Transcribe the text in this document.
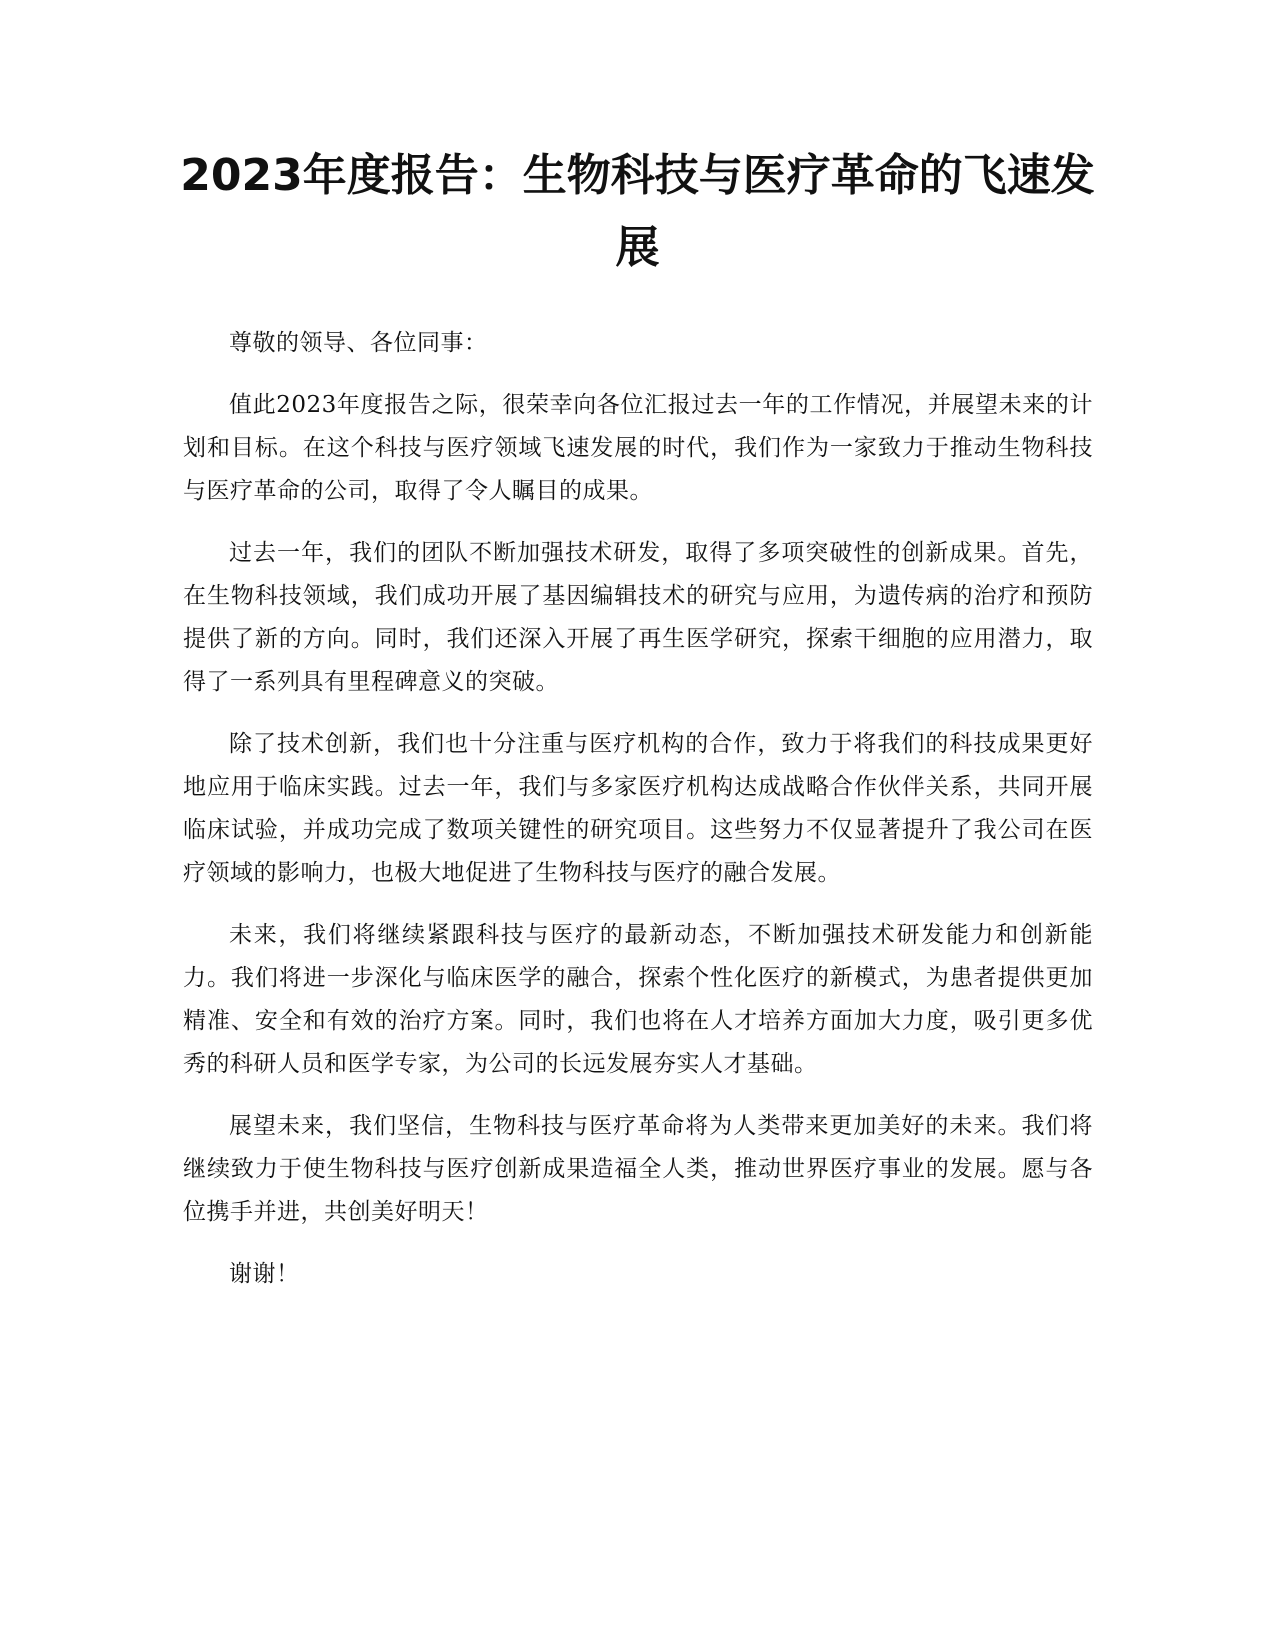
2023年度报告：生物科技与医疗革命的飞速发展

尊敬的领导、各位同事：

值此2023年度报告之际，很荣幸向各位汇报过去一年的工作情况，并展望未来的计划和目标。在这个科技与医疗领域飞速发展的时代，我们作为一家致力于推动生物科技与医疗革命的公司，取得了令人瞩目的成果。

过去一年，我们的团队不断加强技术研发，取得了多项突破性的创新成果。首先，在生物科技领域，我们成功开展了基因编辑技术的研究与应用，为遗传病的治疗和预防提供了新的方向。同时，我们还深入开展了再生医学研究，探索干细胞的应用潜力，取得了一系列具有里程碑意义的突破。

除了技术创新，我们也十分注重与医疗机构的合作，致力于将我们的科技成果更好地应用于临床实践。过去一年，我们与多家医疗机构达成战略合作伙伴关系，共同开展临床试验，并成功完成了数项关键性的研究项目。这些努力不仅显著提升了我公司在医疗领域的影响力，也极大地促进了生物科技与医疗的融合发展。

未来，我们将继续紧跟科技与医疗的最新动态，不断加强技术研发能力和创新能力。我们将进一步深化与临床医学的融合，探索个性化医疗的新模式，为患者提供更加精准、安全和有效的治疗方案。同时，我们也将在人才培养方面加大力度，吸引更多优秀的科研人员和医学专家，为公司的长远发展夯实人才基础。

展望未来，我们坚信，生物科技与医疗革命将为人类带来更加美好的未来。我们将继续致力于使生物科技与医疗创新成果造福全人类，推动世界医疗事业的发展。愿与各位携手并进，共创美好明天！

谢谢！
